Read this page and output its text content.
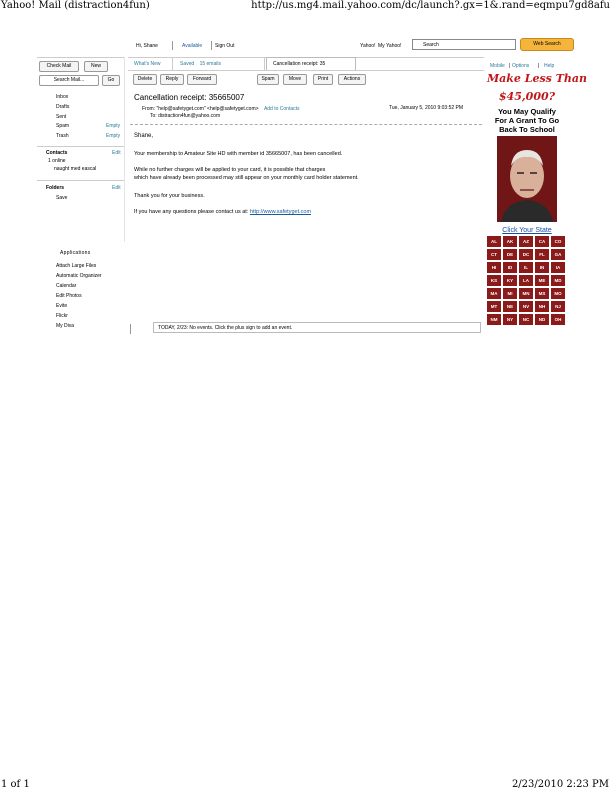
Yahoo! Mail (distraction4fun)	http://us.mg4.mail.yahoo.com/dc/launch?.gx=1&.rand=eqmpu7gd8afu
Hi, Shane	Available	Sign Out	Yahoo! My Yahoo!	Search	Web Search
Mobile | Options | Help
Check Mail	New
Search Mail...	Go
Inbox
Drafts
Sent
Spam	Empty
Trash	Empty
Contacts	Edit
1 online
naught med eascal
Folders	Edit
Save
Applications
Attach Large Files
Automatic Organizer
Calendar
Edit Photos
Evite
Flickr
My Diva
What's New	Saved 15 emails	Cancellation receipt: 35
Delete	Reply	Forward	Spam	Move	Print	Actions
Cancellation receipt: 35665007
Tue, January 5, 2010 9:03:52 PM
From: "help@safetyget.com" <help@safetyget.com> Add to Contacts
To: distraction4fun@yahoo.com
Shane,
Your membership to Amateur Site HD with member id 35665007, has been cancelled.
While no further charges will be applied to your card, it is possible that charges
which have already been processed may still appear on your monthly card holder statement.
Thank you for your business.
If you have any questions please contact us at: http://www.safetyget.com
TODAY, 2/23: No events. Click the plus sign to add an event.
Make Less Than
$45,000?
You May Qualify
For A Grant To Go
Back To School
Click Your State
AL	AK	AZ	CA	CO
CT	DE	DC	FL	GA
HI	ID	IL	IN	IA
KS	KY	LA	ME	MD
MA	MI	MN	MS	MO
MT	NE	NV	NH	NJ
NM	NY	NC	ND	OH
1 of 1	2/23/2010 2:23 PM
